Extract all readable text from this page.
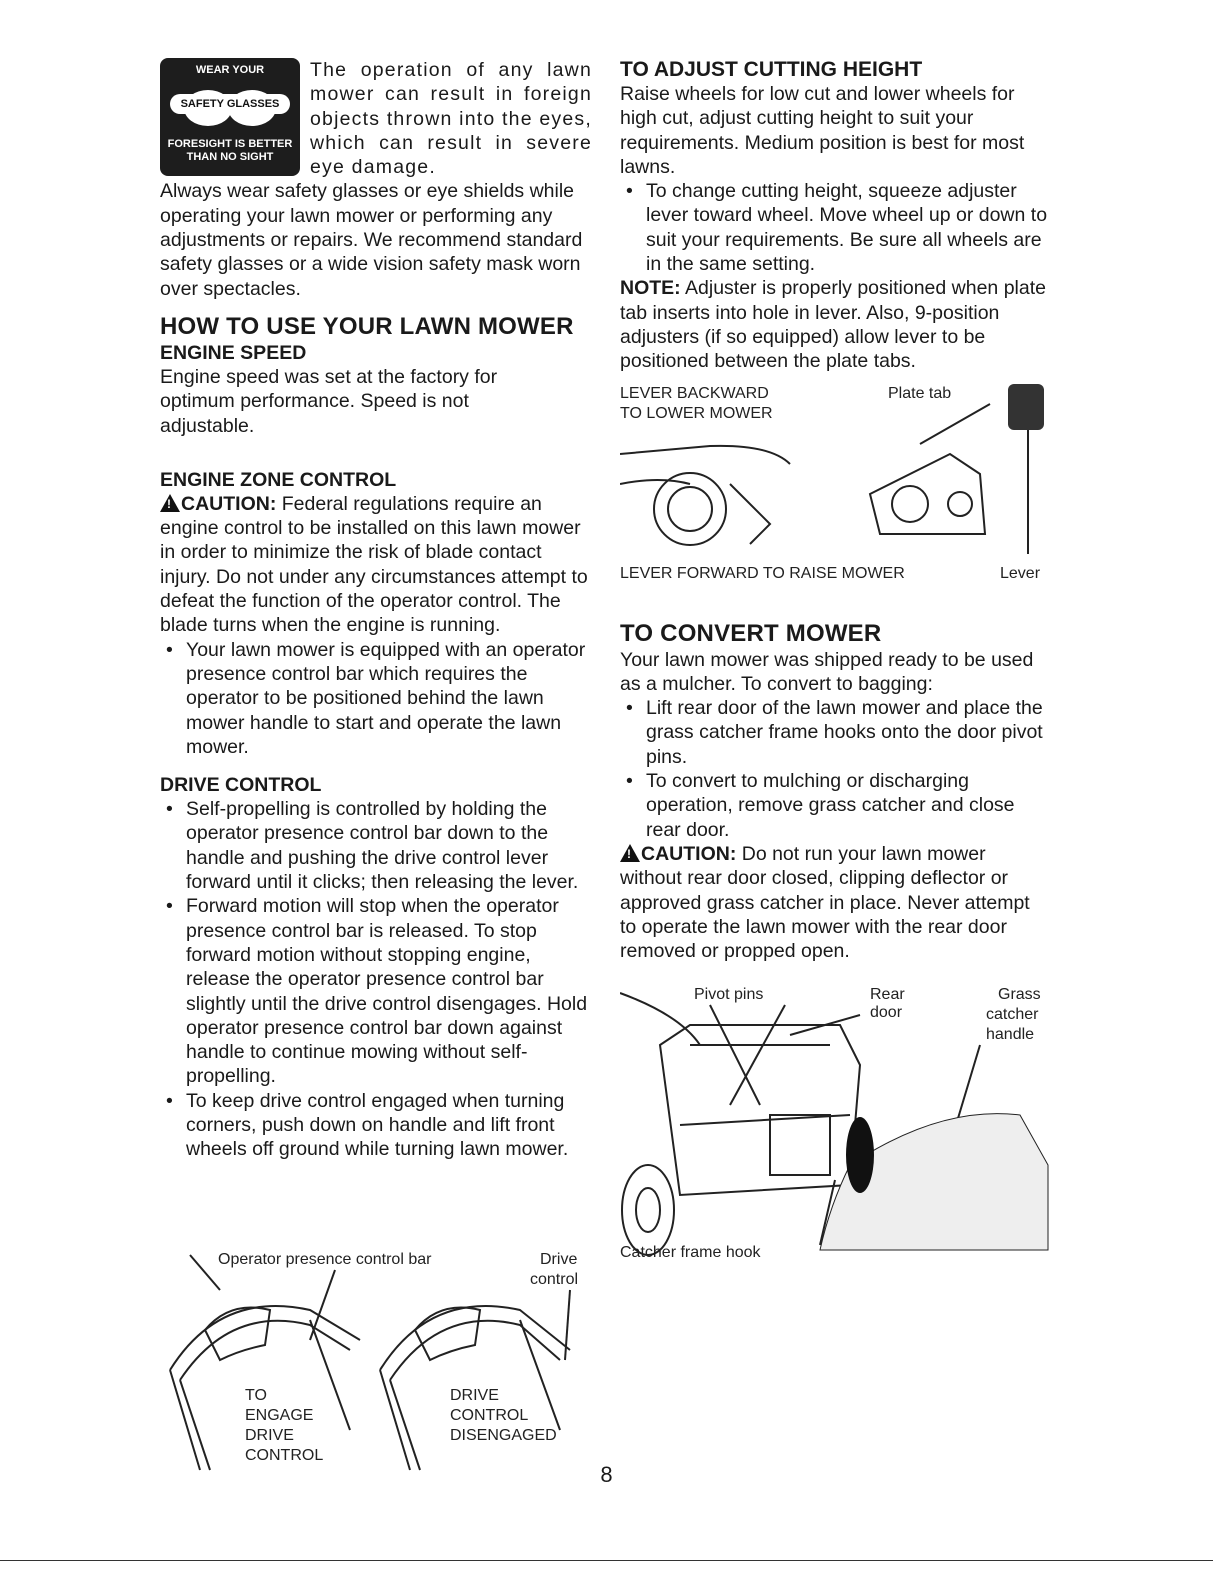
WEAR YOUR
SAFETY GLASSES
FORESIGHT IS BETTER
THAN NO SIGHT

The operation of any lawn mower can result in foreign objects thrown into the eyes, which can result in severe eye damage.

Always wear safety glasses or eye shields while operating your lawn mower or performing any adjustments or repairs. We recommend standard safety glasses or a wide vision safety mask worn over spectacles.

HOW TO USE YOUR LAWN MOWER

ENGINE SPEED

Engine speed was set at the factory for optimum performance. Speed is not adjustable.

ENGINE ZONE CONTROL

!CAUTION: Federal regulations require an engine control to be installed on this lawn mower in order to minimize the risk of blade contact injury. Do not under any circumstances attempt to defeat the function of the operator control. The blade turns when the engine is running.

• Your lawn mower is equipped with an operator presence control bar which requires the operator to be positioned behind the lawn mower handle to start and operate the lawn mower.

DRIVE CONTROL

• Self-propelling is controlled by holding the operator presence control bar down to the handle and pushing the drive control lever forward until it clicks; then releasing the lever.

• Forward motion will stop when the operator presence control bar is released. To stop forward motion without stopping engine, release the operator presence control bar slightly until the drive control disengages. Hold operator presence control bar down against handle to continue mowing without self-propelling.

• To keep drive control engaged when turning corners, push down on handle and lift front wheels off ground while turning lawn mower.

Operator presence control bar	Drive
control
TO
ENGAGE
DRIVE
CONTROL
DRIVE
CONTROL
DISENGAGED

TO ADJUST CUTTING HEIGHT

Raise wheels for low cut and lower wheels for high cut, adjust cutting height to suit your requirements. Medium position is best for most lawns.

• To change cutting height, squeeze adjuster lever toward wheel. Move wheel up or down to suit your requirements. Be sure all wheels are in the same setting.

NOTE: Adjuster is properly positioned when plate tab inserts into hole in lever. Also, 9-position adjusters (if so equipped) allow lever to be positioned between the plate tabs.

LEVER BACKWARD
TO LOWER MOWER
Plate tab
LEVER FORWARD TO RAISE MOWER	Lever

TO CONVERT MOWER

Your lawn mower was shipped ready to be used as a mulcher. To convert to bagging:

• Lift rear door of the lawn mower and place the grass catcher frame hooks onto the door pivot pins.

• To convert to mulching or discharging operation, remove grass catcher and close rear door.

!CAUTION: Do not run your lawn mower without rear door closed, clipping deflector or approved grass catcher in place. Never attempt to operate the lawn mower with the rear door removed or propped open.

Pivot pins	Rear
door
Grass
catcher
handle
Catcher frame hook
8
